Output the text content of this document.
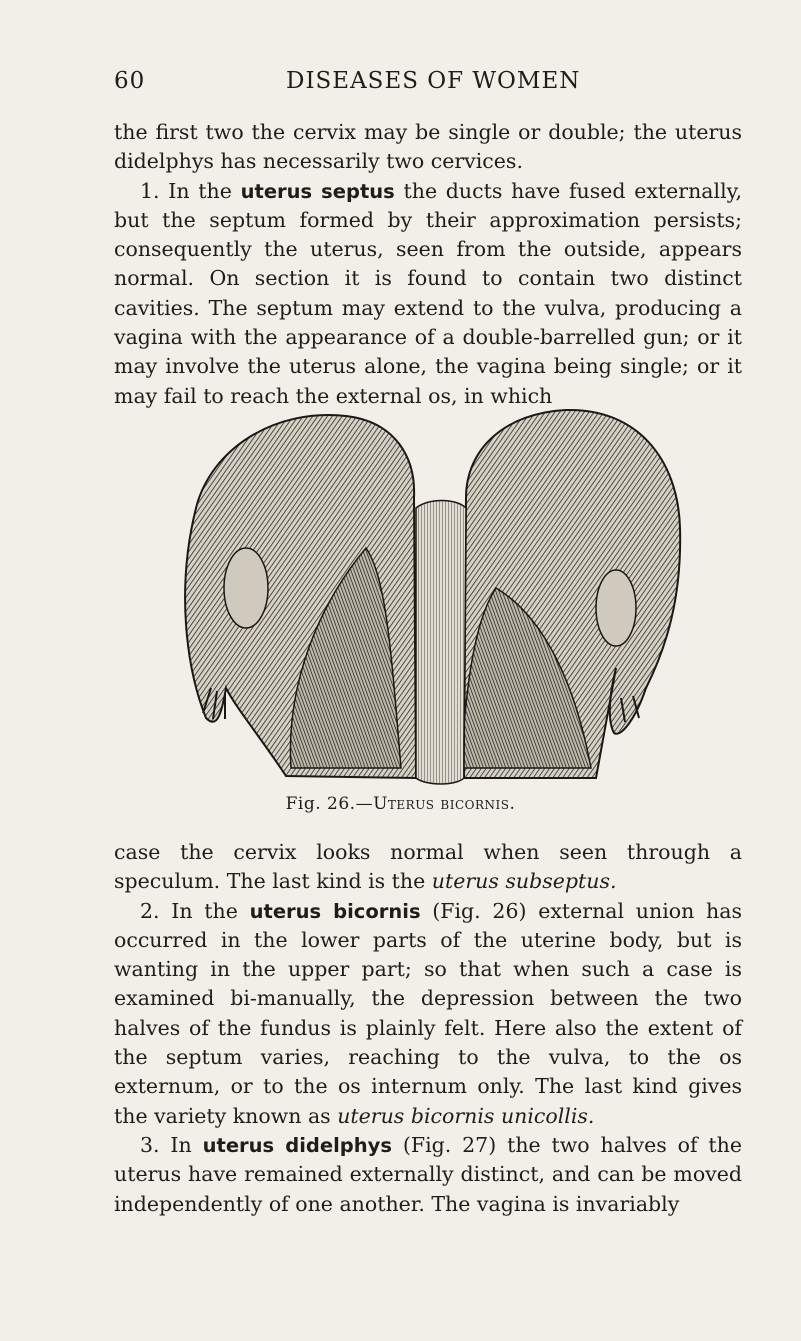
60	DISEASES OF WOMEN

the first two the cervix may be single or double; the uterus didelphys has necessarily two cervices.

1. In the uterus septus the ducts have fused externally, but the septum formed by their approximation persists; consequently the uterus, seen from the outside, appears normal. On section it is found to contain two distinct cavities. The septum may extend to the vulva, producing a vagina with the appearance of a double-barrelled gun; or it may involve the uterus alone, the vagina being single; or it may fail to reach the external os, in which

Fig. 26.—Uterus bicornis.

case the cervix looks normal when seen through a speculum. The last kind is the uterus subseptus.

2. In the uterus bicornis (Fig. 26) external union has occurred in the lower parts of the uterine body, but is wanting in the upper part; so that when such a case is examined bi-manually, the depression between the two halves of the fundus is plainly felt. Here also the extent of the septum varies, reaching to the vulva, to the os externum, or to the os internum only. The last kind gives the variety known as uterus bicornis unicollis.

3. In uterus didelphys (Fig. 27) the two halves of the uterus have remained externally distinct, and can be moved independently of one another. The vagina is invariably
